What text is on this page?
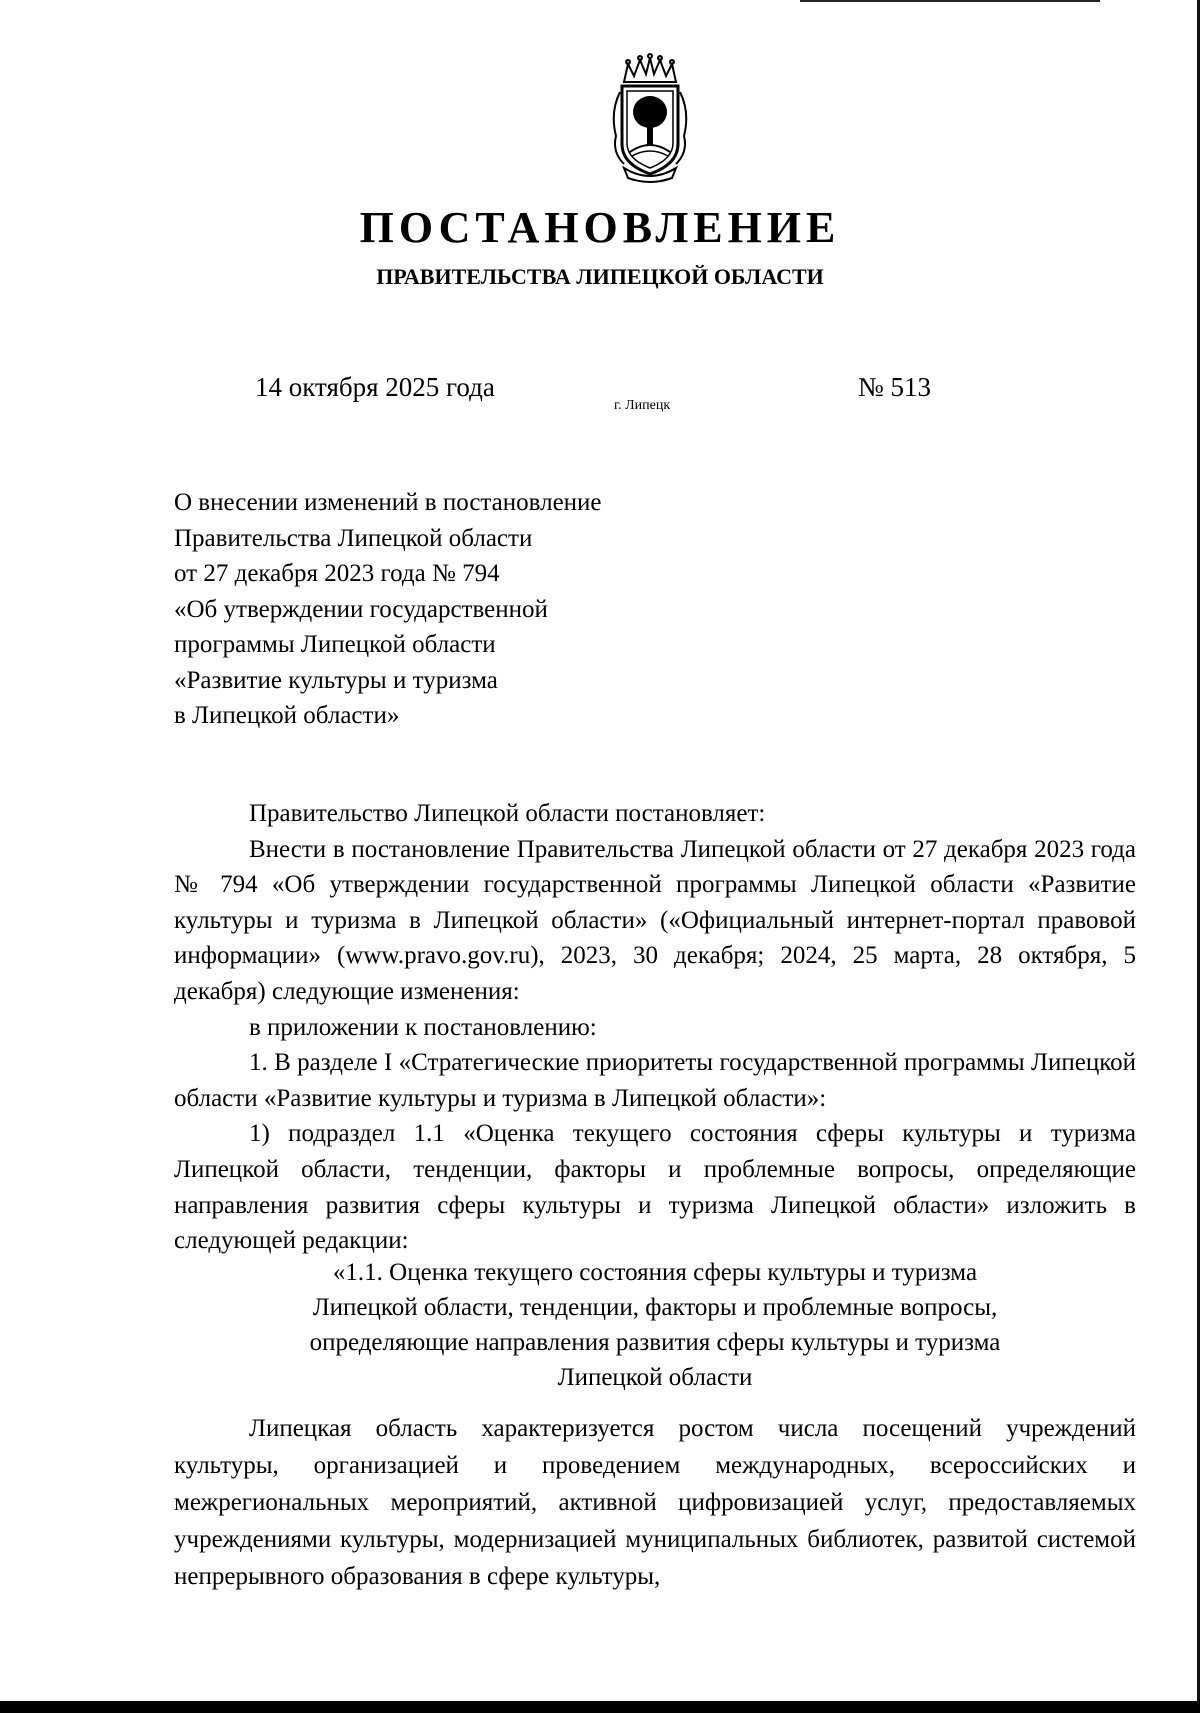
ПОСТАНОВЛЕНИЕ
ПРАВИТЕЛЬСТВА ЛИПЕЦКОЙ ОБЛАСТИ
14 октября 2025 года
г. Липецк
№ 513
О внесении изменений в постановление
Правительства Липецкой области
от 27 декабря 2023 года № 794
«Об утверждении государственной
программы Липецкой области
«Развитие культуры и туризма
в Липецкой области»

Правительство Липецкой области постановляет:

Внести в постановление Правительства Липецкой области от 27 декабря 2023 года № 794 «Об утверждении государственной программы Липецкой области «Развитие культуры и туризма в Липецкой области» («Официальный интернет-портал правовой информации» (www.pravo.gov.ru), 2023, 30 декабря; 2024, 25 марта, 28 октября, 5 декабря) следующие изменения:

в приложении к постановлению:

1. В разделе I «Стратегические приоритеты государственной программы Липецкой области «Развитие культуры и туризма в Липецкой области»:

1) подраздел 1.1 «Оценка текущего состояния сферы культуры и туризма Липецкой области, тенденции, факторы и проблемные вопросы, определяющие направления развития сферы культуры и туризма Липецкой области» изложить в следующей редакции:

«1.1. Оценка текущего состояния сферы культуры и туризма
Липецкой области, тенденции, факторы и проблемные вопросы,
определяющие направления развития сферы культуры и туризма
Липецкой области

Липецкая область характеризуется ростом числа посещений учреждений культуры, организацией и проведением международных, всероссийских и межрегиональных мероприятий, активной цифровизацией услуг, предоставляемых учреждениями культуры, модернизацией муниципальных библиотек, развитой системой непрерывного образования в сфере культуры,
